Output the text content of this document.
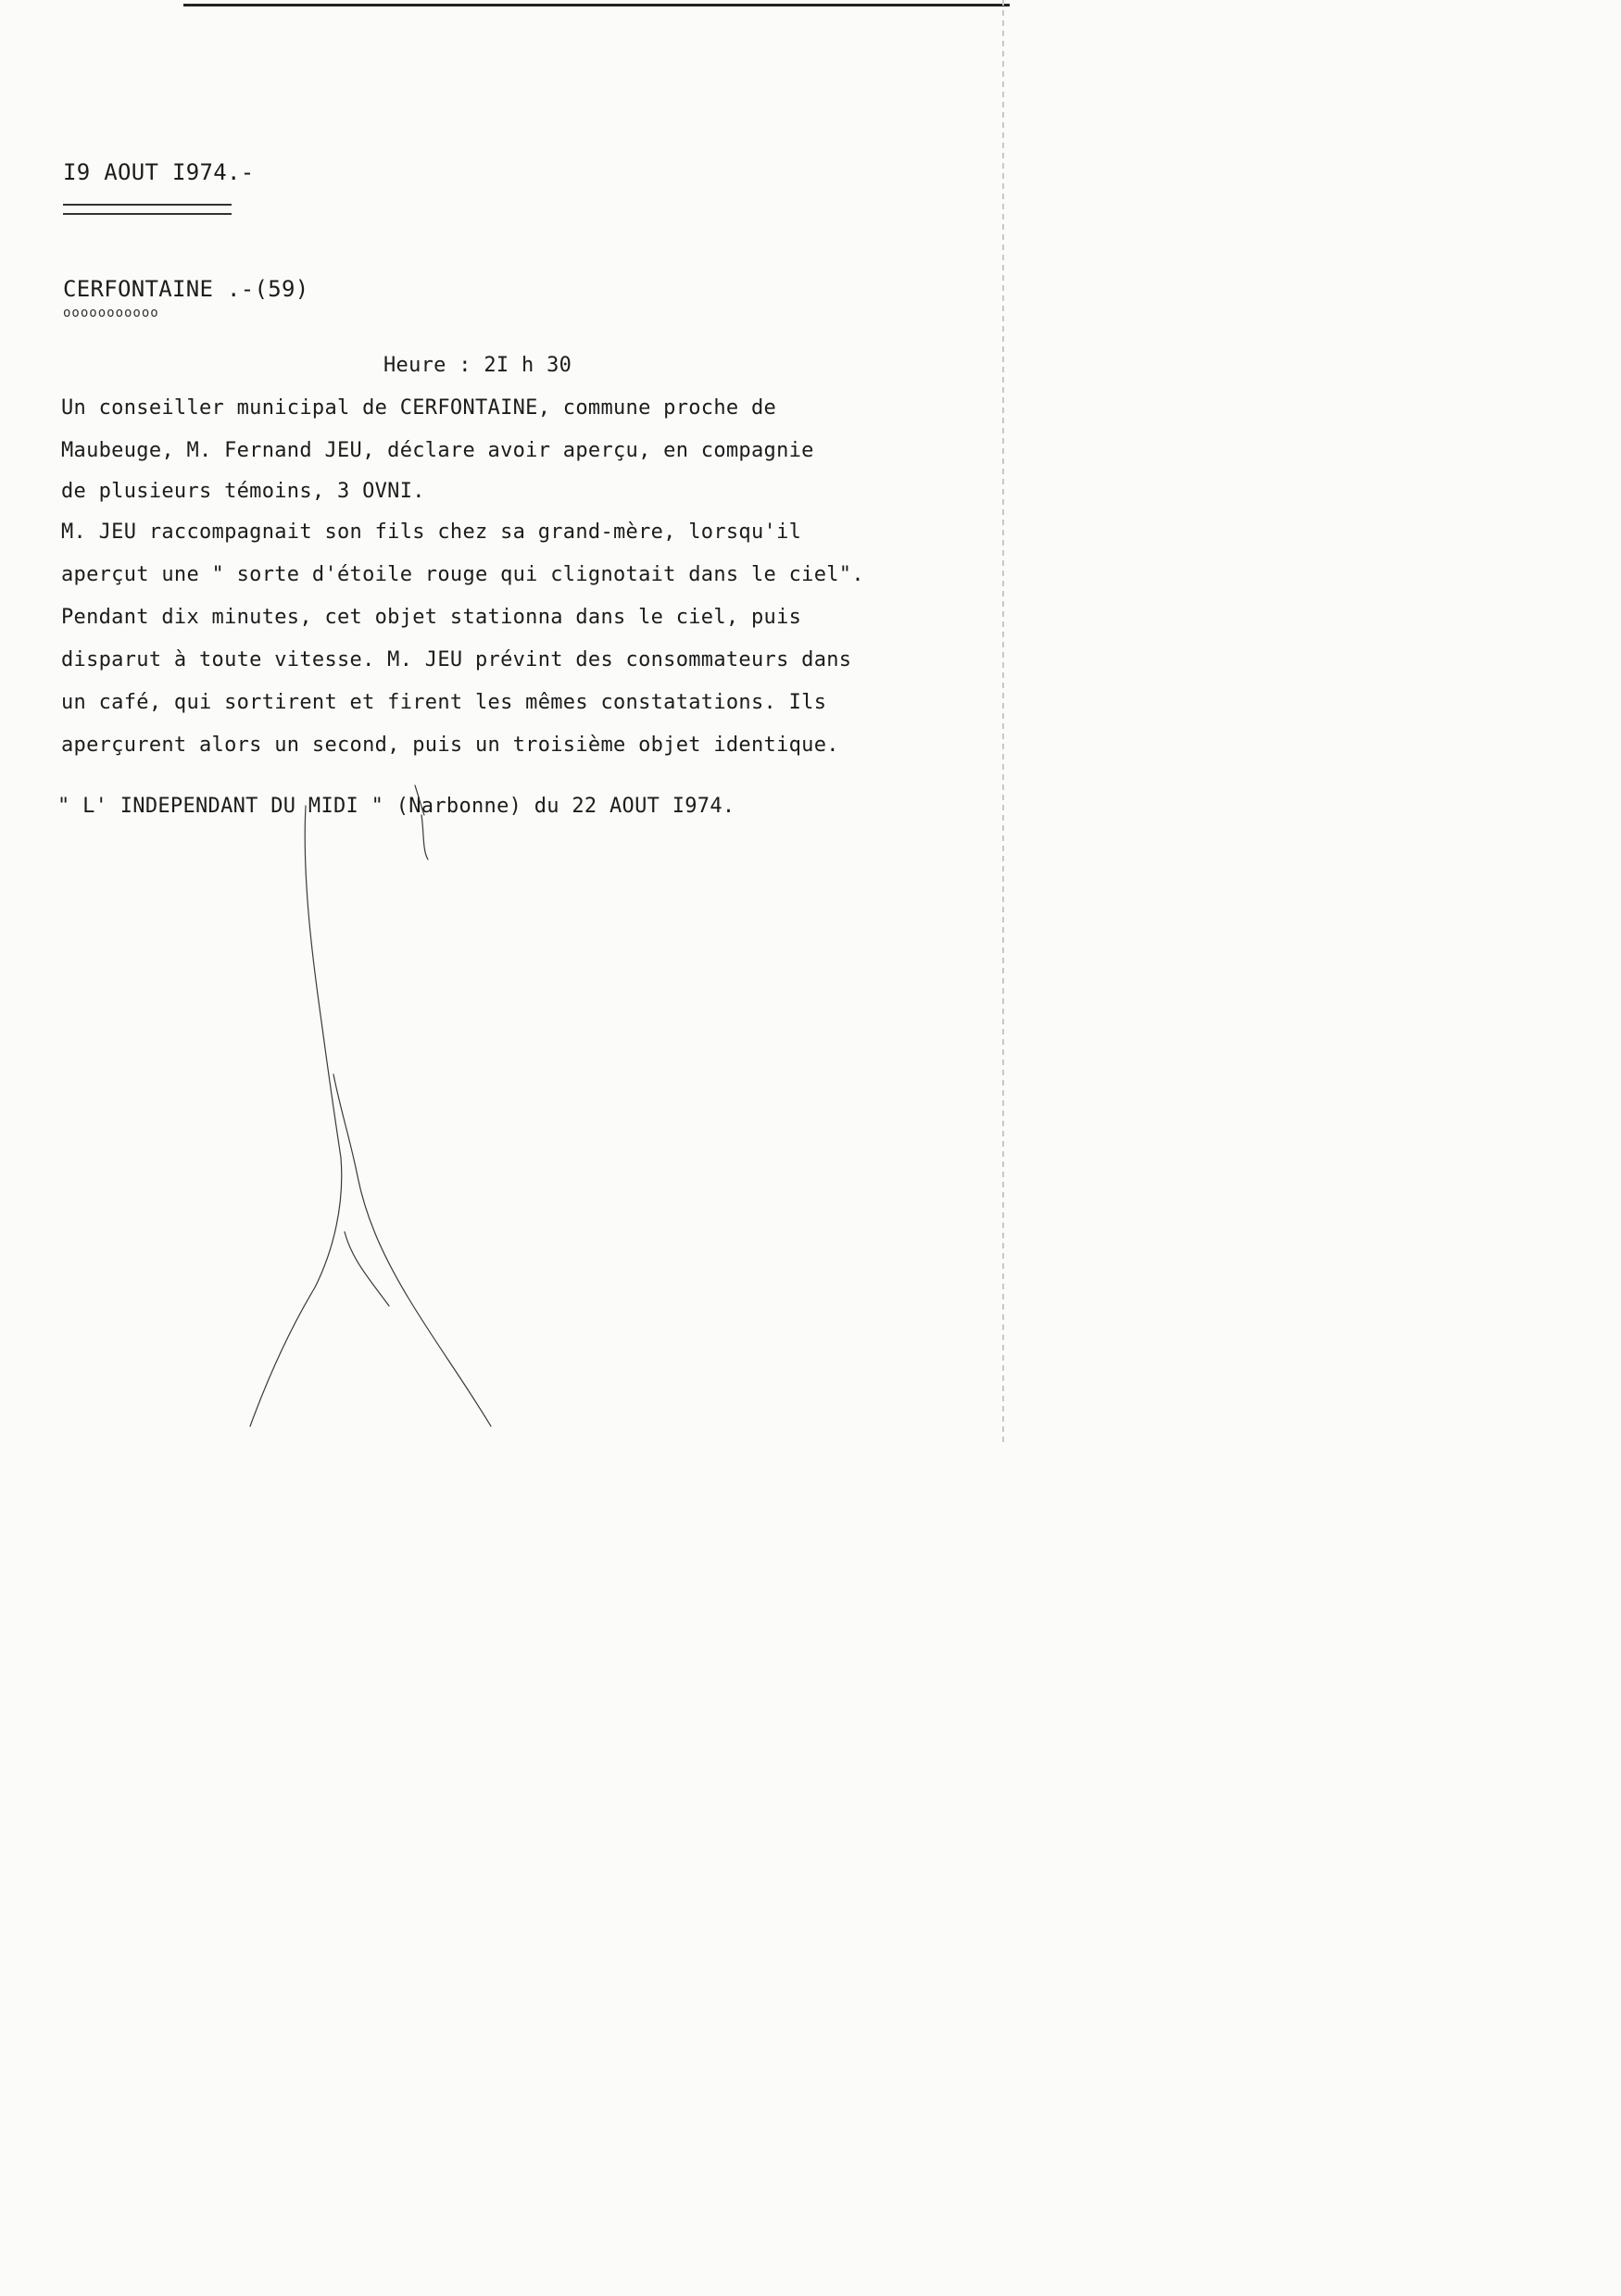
I9 AOUT I974.-
CERFONTAINE .-(59)
ooooooooooo
Heure : 2I h 30
Un conseiller municipal de CERFONTAINE, commune proche de
Maubeuge, M. Fernand JEU, déclare avoir aperçu, en compagnie
de plusieurs témoins, 3 OVNI.
M. JEU raccompagnait son fils chez sa grand-mère, lorsqu'il
aperçut une " sorte d'étoile rouge qui clignotait dans le ciel".
Pendant dix minutes, cet objet stationna dans le ciel, puis
disparut à toute vitesse. M. JEU prévint des consommateurs dans
un café, qui sortirent et firent les mêmes constatations. Ils
aperçurent alors un second, puis un troisième objet identique.
" L' INDEPENDANT DU MIDI " (Narbonne) du 22 AOUT I974.
